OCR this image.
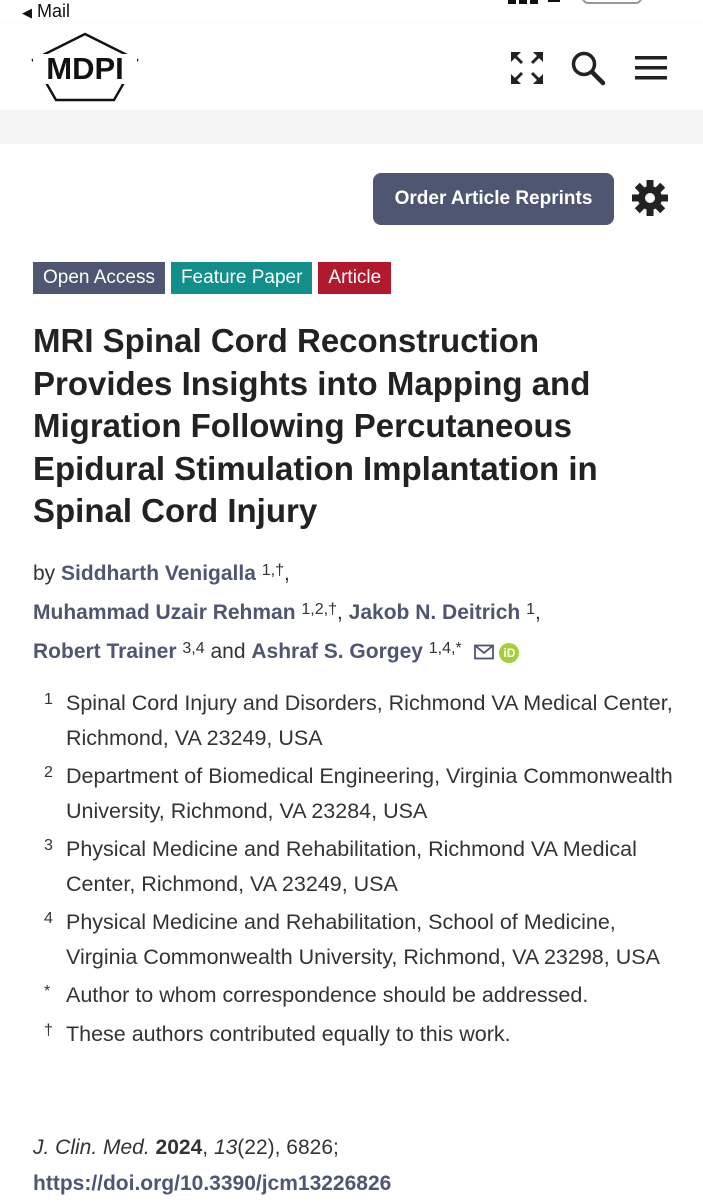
◀ Mail
MDPI
Order Article Reprints
Open Access	Feature Paper	Article
MRI Spinal Cord Reconstruction Provides Insights into Mapping and Migration Following Percutaneous Epidural Stimulation Implantation in Spinal Cord Injury
by Siddharth Venigalla $^{1,\dagger}$,
Muhammad Uzair Rehman $^{1,2,\dagger}$, Jakob N. Deitrich $^1$,
Robert Trainer $^{3,4}$ and Ashraf S. Gorgey $^{1,4,*}$	iD
1 Spinal Cord Injury and Disorders, Richmond VA Medical Center, Richmond, VA 23249, USA
2 Department of Biomedical Engineering, Virginia Commonwealth University, Richmond, VA 23284, USA
3 Physical Medicine and Rehabilitation, Richmond VA Medical Center, Richmond, VA 23249, USA
4 Physical Medicine and Rehabilitation, School of Medicine, Virginia Commonwealth University, Richmond, VA 23298, USA
* Author to whom correspondence should be addressed.
† These authors contributed equally to this work.
J. Clin. Med. 2024, 13(22), 6826;
https://doi.org/10.3390/jcm13226826
